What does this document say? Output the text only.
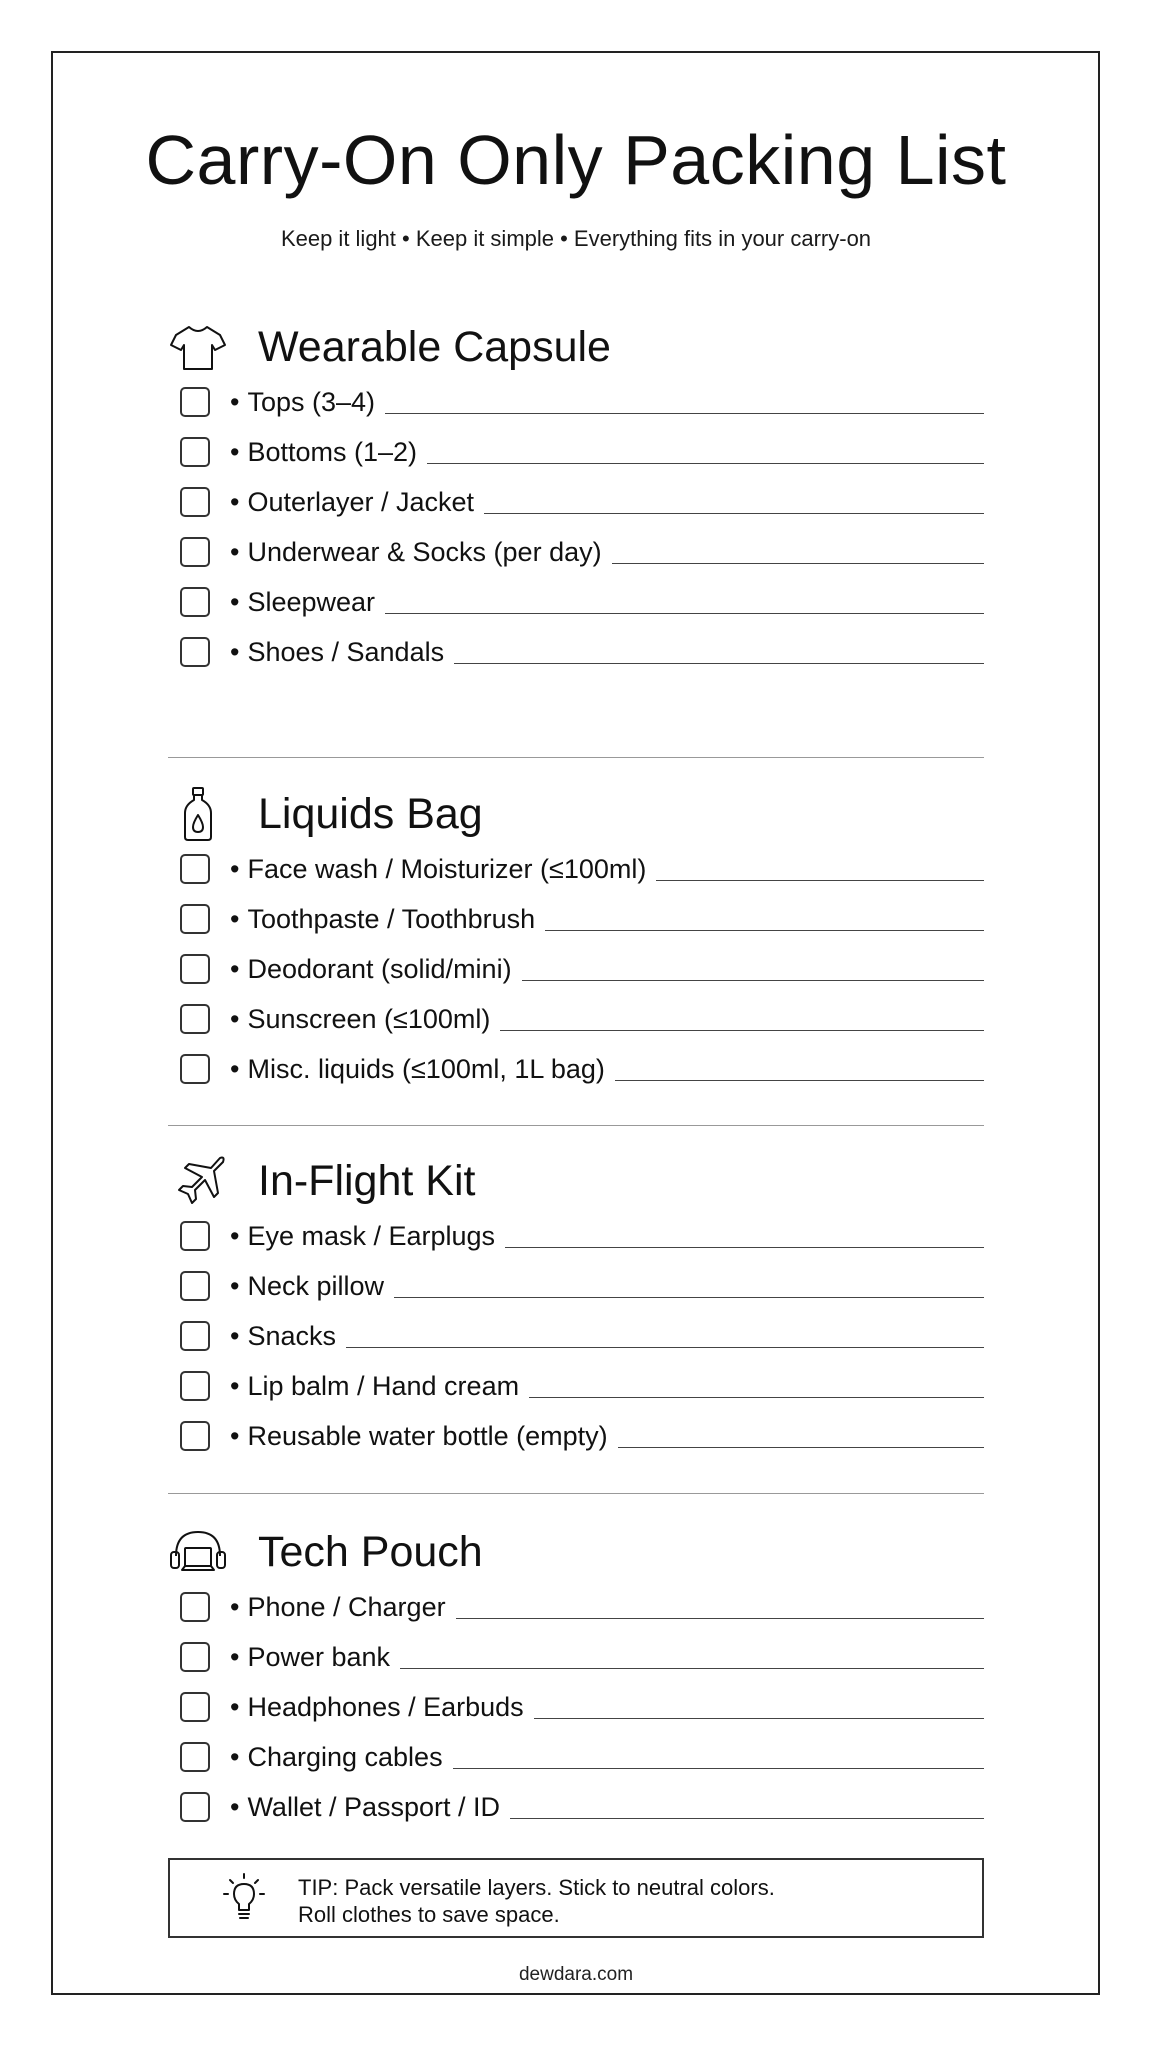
Carry-On Only Packing List
Keep it light • Keep it simple • Everything fits in your carry-on
Wearable Capsule
• Tops (3–4)
• Bottoms (1–2)
• Outerlayer / Jacket
• Underwear & Socks (per day)
• Sleepwear
• Shoes / Sandals
Liquids Bag
• Face wash / Moisturizer (≤100ml)
• Toothpaste / Toothbrush
• Deodorant (solid/mini)
• Sunscreen (≤100ml)
• Misc. liquids (≤100ml, 1L bag)
In-Flight Kit
• Eye mask / Earplugs
• Neck pillow
• Snacks
• Lip balm / Hand cream
• Reusable water bottle (empty)
Tech Pouch
• Phone / Charger
• Power bank
• Headphones / Earbuds
• Charging cables
• Wallet / Passport / ID
TIP: Pack versatile layers. Stick to neutral colors.
Roll clothes to save space.
dewdara.com
